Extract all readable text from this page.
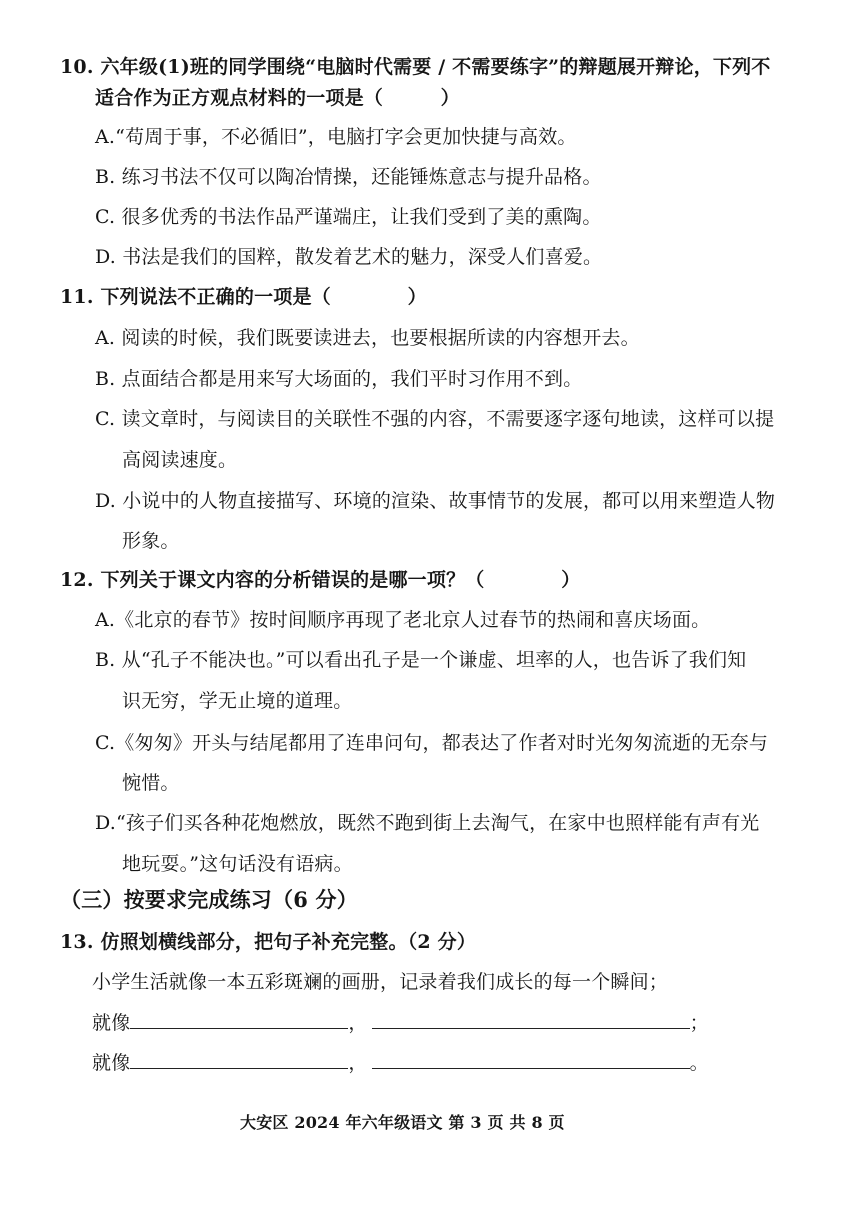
10. 六年级(1)班的同学围绕“电脑时代需要 / 不需要练字”的辩题展开辩论，下列不
适合作为正方观点材料的一项是（　　　）
A.“苟周于事，不必循旧”，电脑打字会更加快捷与高效。
B. 练习书法不仅可以陶冶情操，还能锤炼意志与提升品格。
C. 很多优秀的书法作品严谨端庄，让我们受到了美的熏陶。
D. 书法是我们的国粹，散发着艺术的魅力，深受人们喜爱。
11. 下列说法不正确的一项是（　　　　）
A. 阅读的时候，我们既要读进去，也要根据所读的内容想开去。
B. 点面结合都是用来写大场面的，我们平时习作用不到。
C. 读文章时，与阅读目的关联性不强的内容，不需要逐字逐句地读，这样可以提
高阅读速度。
D. 小说中的人物直接描写、环境的渲染、故事情节的发展，都可以用来塑造人物
形象。
12. 下列关于课文内容的分析错误的是哪一项？（　　　　）
A.《北京的春节》按时间顺序再现了老北京人过春节的热闹和喜庆场面。
B. 从“孔子不能决也。”可以看出孔子是一个谦虚、坦率的人，也告诉了我们知
识无穷，学无止境的道理。
C.《匆匆》开头与结尾都用了连串问句，都表达了作者对时光匆匆流逝的无奈与
惋惜。
D.“孩子们买各种花炮燃放，既然不跑到街上去淘气，在家中也照样能有声有光
地玩耍。”这句话没有语病。
（三）按要求完成练习（6 分）
13. 仿照划横线部分，把句子补充完整。（2 分）
小学生活就像一本五彩斑斓的画册，记录着我们成长的每一个瞬间；
就像	，	；
就像	，	。
大安区 2024 年六年级语文 第 3 页 共 8 页
